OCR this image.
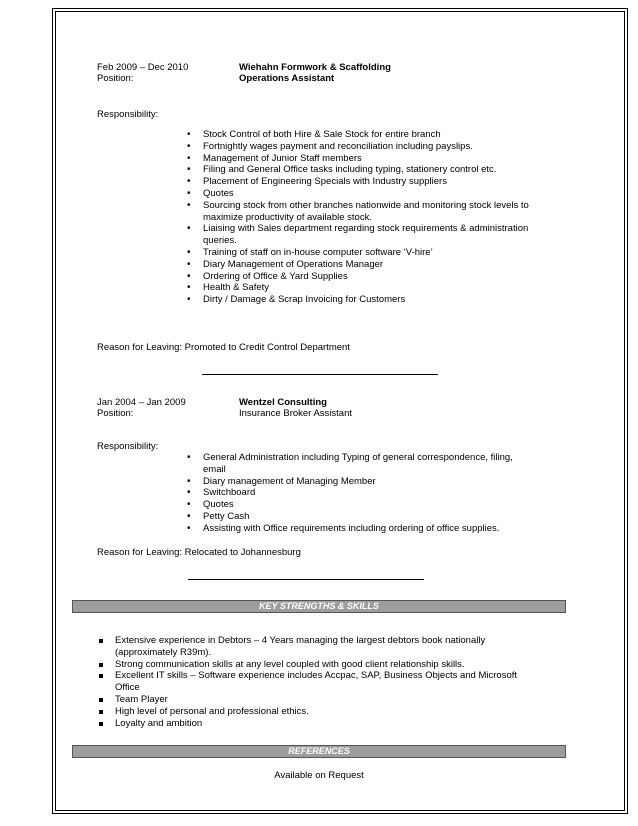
Feb 2009 – Dec 2010	Wiehahn Formwork & Scaffolding
Position:	Operations Assistant
Responsibility:
• Stock Control of both Hire & Sale Stock for entire branch
• Fortnightly wages payment and reconciliation including payslips.
• Management of Junior Staff members
• Filing and General Office tasks including typing, stationery control etc.
• Placement of Engineering Specials with Industry suppliers
• Quotes
• Sourcing stock from other branches nationwide and monitoring stock levels to maximize productivity of available stock.
• Liaising with Sales department regarding stock requirements & administration queries.
• Training of staff on in-house computer software ‘V-hire’
• Diary Management of Operations Manager
• Ordering of Office & Yard Supplies
• Health & Safety
• Dirty / Damage & Scrap Invoicing for Customers
Reason for Leaving: Promoted to Credit Control Department
Jan 2004 – Jan 2009	Wentzel Consulting
Position:	Insurance Broker Assistant
Responsibility:
• General Administration including Typing of general correspondence, filing, email
• Diary management of Managing Member
• Switchboard
• Quotes
• Petty Cash
• Assisting with Office requirements including ordering of office supplies.
Reason for Leaving: Relocated to Johannesburg
KEY STRENGTHS & SKILLS
Extensive experience in Debtors – 4 Years managing the largest debtors book nationally (approximately R39m).
Strong communication skills at any level coupled with good client relationship skills.
Excellent IT skills – Software experience includes Accpac, SAP, Business Objects and Microsoft Office
Team Player
High level of personal and professional ethics.
Loyalty and ambition
REFERENCES
Available on Request
